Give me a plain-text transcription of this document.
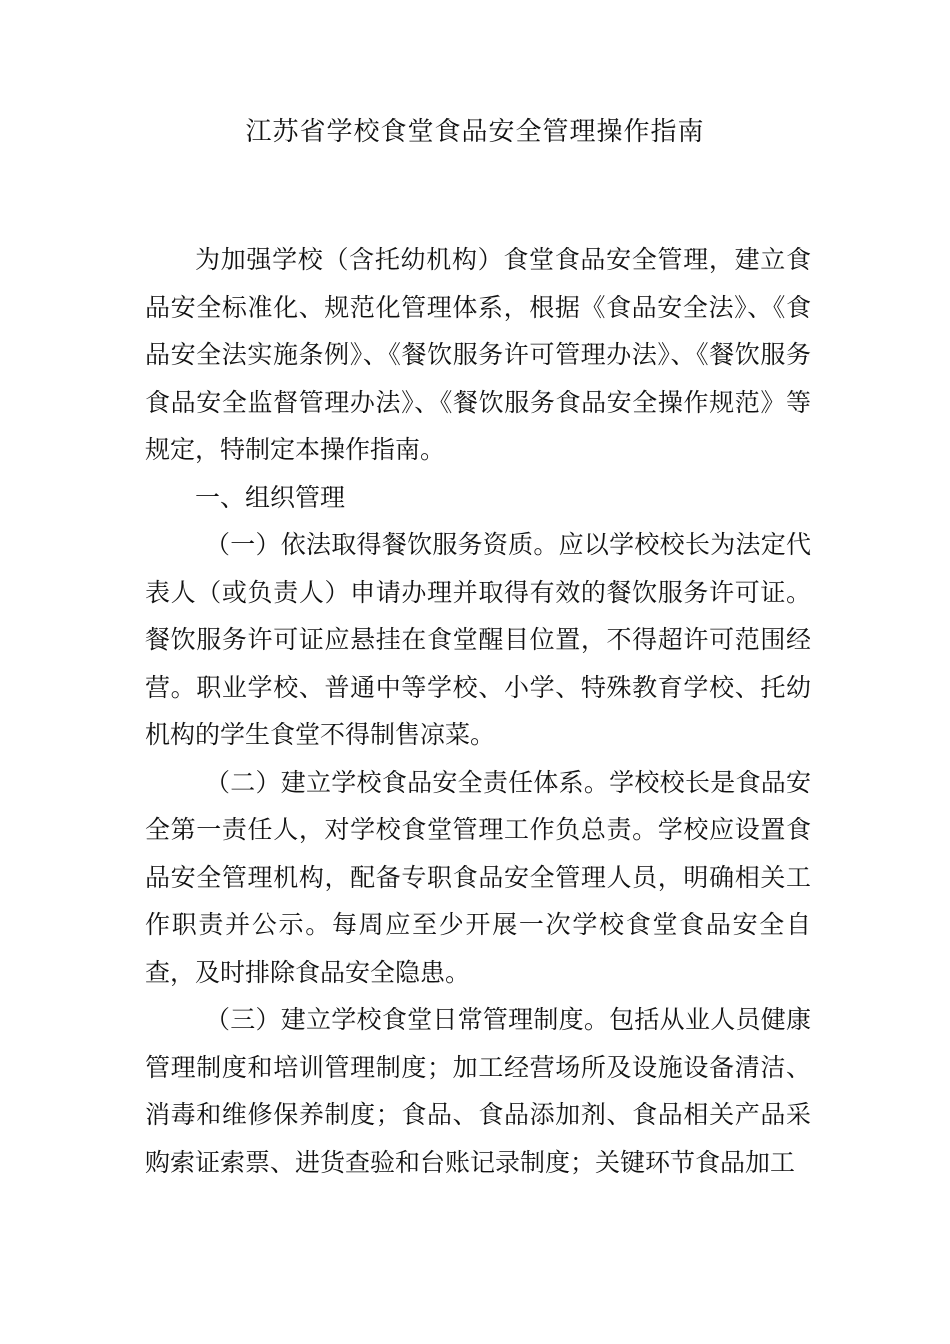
江苏省学校食堂食品安全管理操作指南

为加强学校（含托幼机构）食堂食品安全管理，建立食品安全标准化、规范化管理体系，根据《食品安全法》、《食品安全法实施条例》、《餐饮服务许可管理办法》、《餐饮服务食品安全监督管理办法》、《餐饮服务食品安全操作规范》等规定，特制定本操作指南。

一、组织管理

（一）依法取得餐饮服务资质。应以学校校长为法定代表人（或负责人）申请办理并取得有效的餐饮服务许可证。餐饮服务许可证应悬挂在食堂醒目位置，不得超许可范围经营。职业学校、普通中等学校、小学、特殊教育学校、托幼机构的学生食堂不得制售凉菜。

（二）建立学校食品安全责任体系。学校校长是食品安全第一责任人，对学校食堂管理工作负总责。学校应设置食品安全管理机构，配备专职食品安全管理人员，明确相关工作职责并公示。每周应至少开展一次学校食堂食品安全自查，及时排除食品安全隐患。

（三）建立学校食堂日常管理制度。包括从业人员健康管理制度和培训管理制度；加工经营场所及设施设备清洁、消毒和维修保养制度；食品、食品添加剂、食品相关产品采购索证索票、进货查验和台账记录制度；关键环节食品加工
